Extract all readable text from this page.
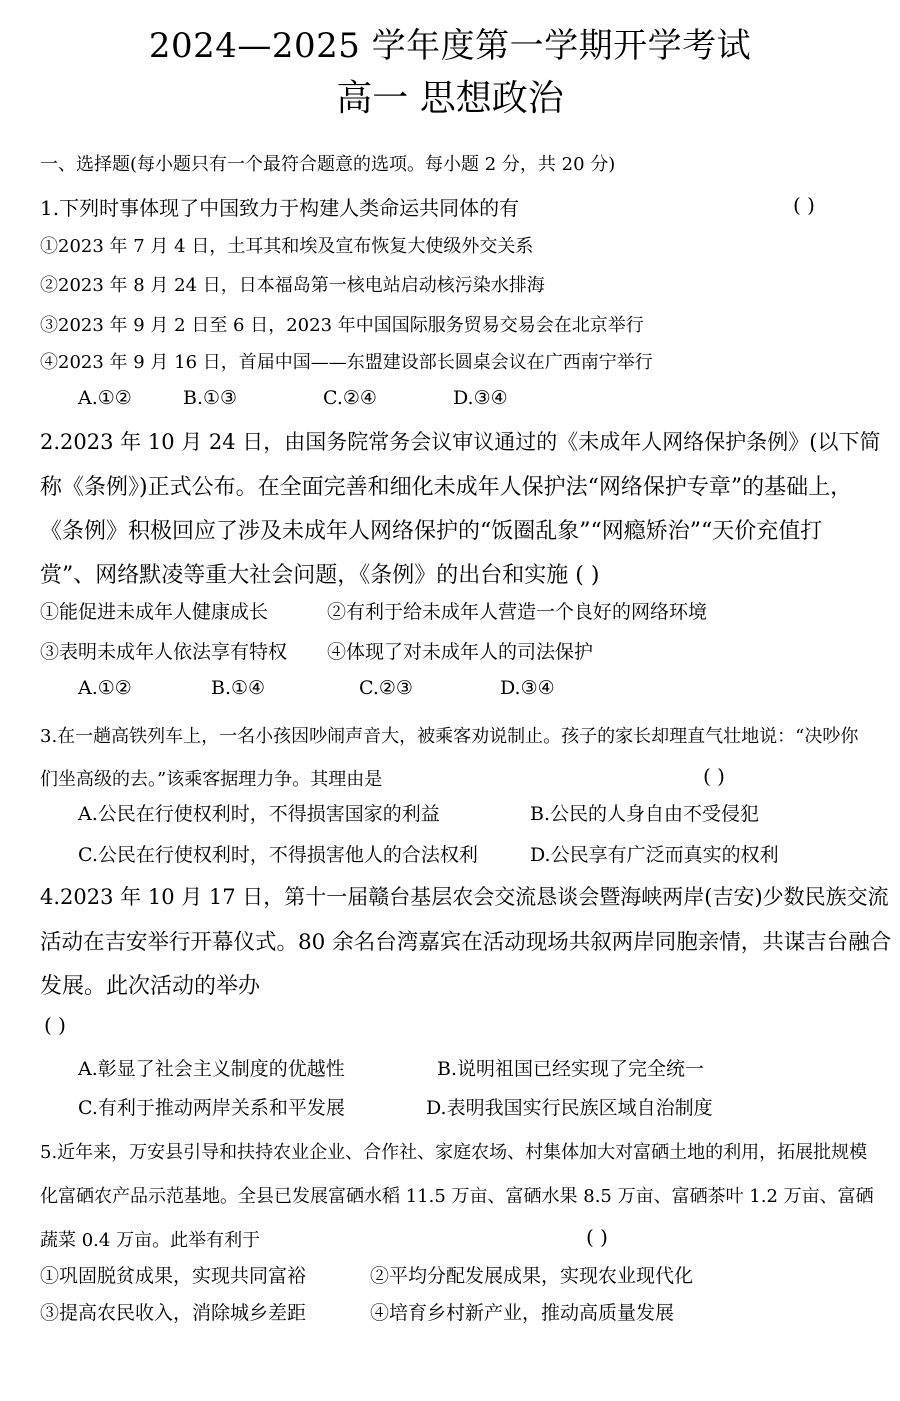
2024—2025 学年度第一学期开学考试
高一 思想政治
一、选择题(每小题只有一个最符合题意的选项。每小题 2 分，共 20 分)
1.下列时事体现了中国致力于构建人类命运共同体的有	( )
①2023 年 7 月 4 日，土耳其和埃及宣布恢复大使级外交关系
②2023 年 8 月 24 日，日本福岛第一核电站启动核污染水排海
③2023 年 9 月 2 日至 6 日，2023 年中国国际服务贸易交易会在北京举行
④2023 年 9 月 16 日，首届中国——东盟建设部长圆桌会议在广西南宁举行
A.①②	B.①③	C.②④	D.③④
2.2023 年 10 月 24 日，由国务院常务会议审议通过的《未成年人网络保护条例》(以下简
称《条例》)正式公布。在全面完善和细化未成年人保护法“网络保护专章”的基础上，
《条例》积极回应了涉及未成年人网络保护的“饭圈乱象”“网瘾矫治”“天价充值打
赏”、网络默凌等重大社会问题，《条例》的出台和实施 ( )
①能促进未成年人健康成长	②有利于给未成年人营造一个良好的网络环境
③表明未成年人依法享有特权 ④体现了对未成年人的司法保护
A.①②	B.①④	C.②③	D.③④
3.在一趟高铁列车上，一名小孩因吵闹声音大，被乘客劝说制止。孩子的家长却理直气壮地说：“决吵你
们坐高级的去。”该乘客据理力争。其理由是	( )
A.公民在行使权利时，不得损害国家的利益	B.公民的人身自由不受侵犯
C.公民在行使权利时，不得损害他人的合法权利	D.公民享有广泛而真实的权利
4.2023 年 10 月 17 日，第十一届赣台基层农会交流恳谈会暨海峡两岸(吉安)少数民族交流
活动在吉安举行开幕仪式。80 余名台湾嘉宾在活动现场共叙两岸同胞亲情，共谋吉台融合
发展。此次活动的举办
( )
A.彰显了社会主义制度的优越性	B.说明祖国已经实现了完全统一
C.有利于推动两岸关系和平发展	D.表明我国实行民族区域自治制度
5.近年来，万安县引导和扶持农业企业、合作社、家庭农场、村集体加大对富硒土地的利用，拓展批规模
化富硒农产品示范基地。全县已发展富硒水稻 11.5 万亩、富硒水果 8.5 万亩、富硒茶叶 1.2 万亩、富硒
蔬菜 0.4 万亩。此举有利于	( )
①巩固脱贫成果，实现共同富裕	②平均分配发展成果，实现农业现代化
③提高农民收入，消除城乡差距	④培育乡村新产业，推动高质量发展
